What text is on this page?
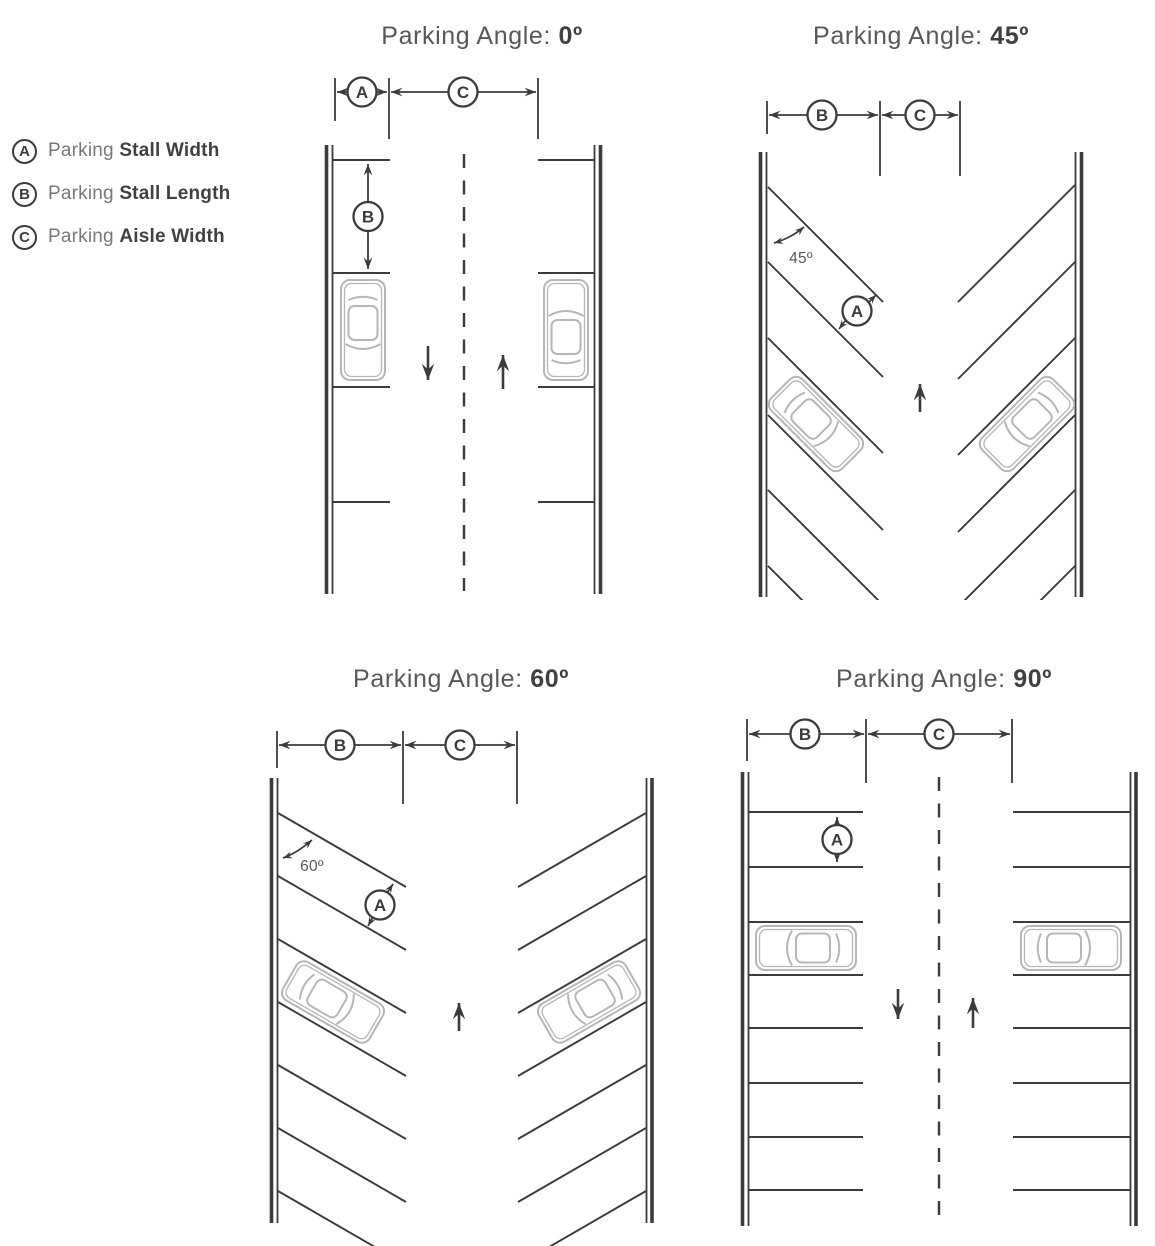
A Parking Stall Width
B Parking Stall Length
C Parking Aisle Width
Parking Angle: 0º	Parking Angle: 45º
Parking Angle: 60º	Parking Angle: 90º
A	C
B
B	C
45º
A
B	C
60º
A
B	C
A
